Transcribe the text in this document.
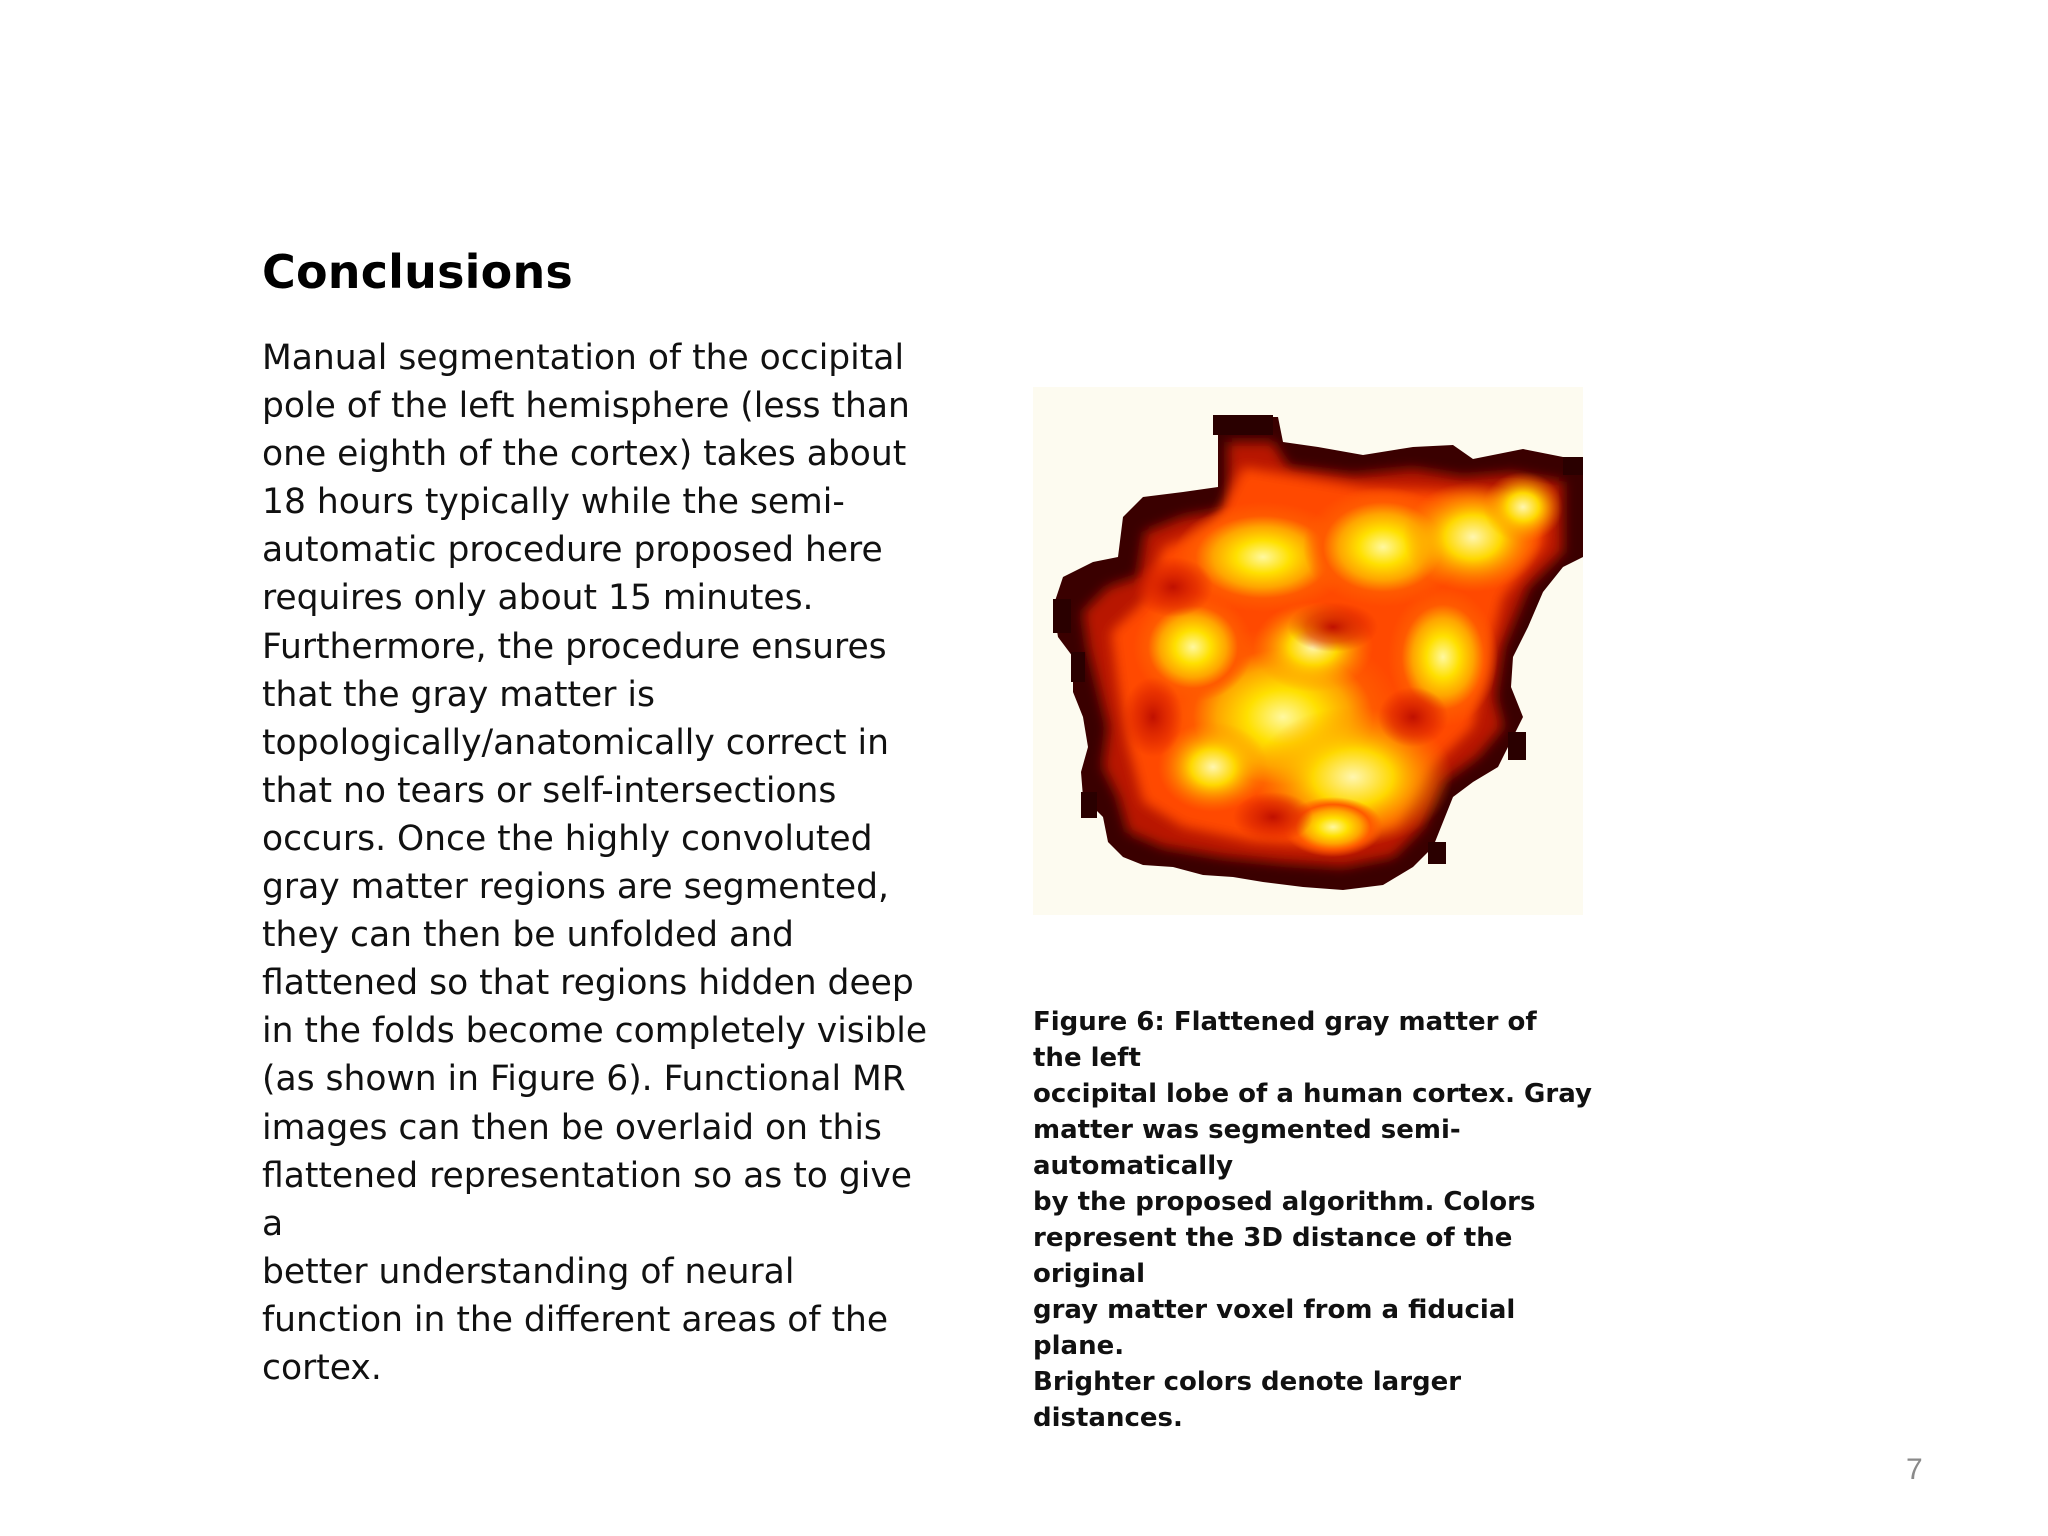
Conclusions
Manual segmentation of the occipital
pole of the left hemisphere (less than
one eighth of the cortex) takes about
18 hours typically while the semi-
automatic procedure proposed here
requires only about 15 minutes.
Furthermore, the procedure ensures
that the gray matter is
topologically/anatomically correct in
that no tears or self-intersections
occurs. Once the highly convoluted
gray matter regions are segmented,
they can then be unfolded and
flattened so that regions hidden deep
in the folds become completely visible
(as shown in Figure 6). Functional MR
images can then be overlaid on this
flattened representation so as to give a
better understanding of neural
function in the different areas of the
cortex.
Figure 6: Flattened gray matter of the left
occipital lobe of a human cortex. Gray
matter was segmented semi-automatically
by the proposed algorithm. Colors
represent the 3D distance of the original
gray matter voxel from a fiducial plane.
Brighter colors denote larger distances.
7
